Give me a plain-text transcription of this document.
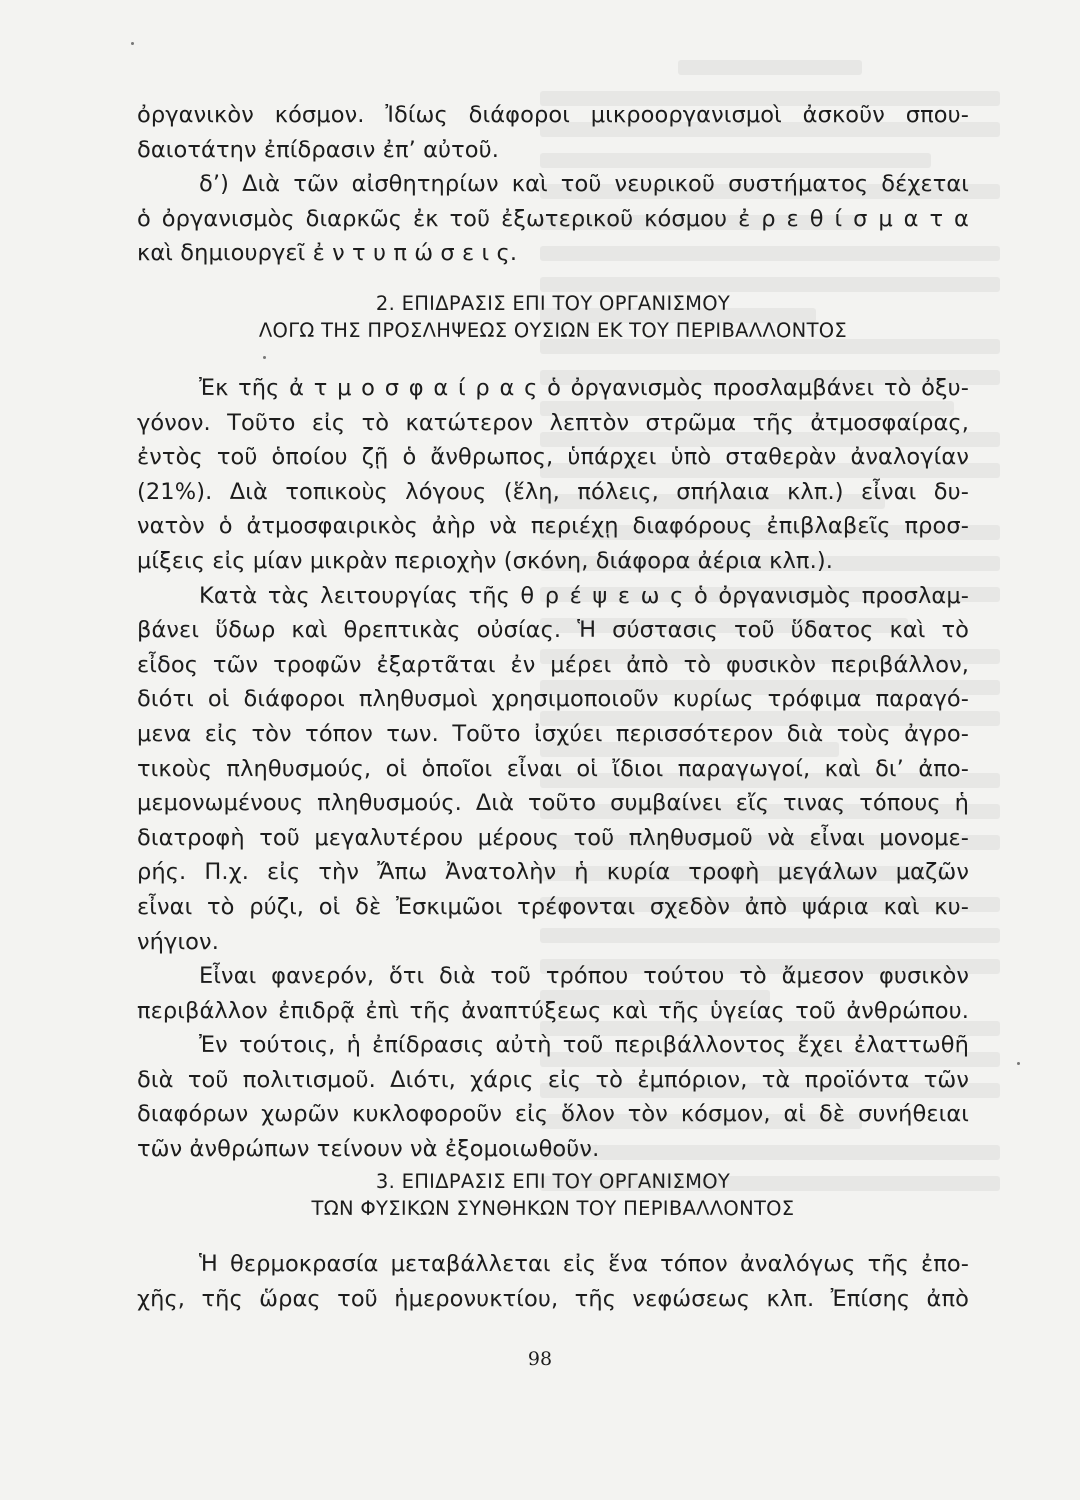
ὀργανικὸν κόσμον. Ἰδίως διάφοροι μικροοργανισμοὶ ἀσκοῦν σπου-
δαιοτάτην ἐπίδρασιν ἐπ’ αὐτοῦ.
δ’) Διὰ τῶν αἰσθητηρίων καὶ τοῦ νευρικοῦ συστήματος δέχεται
ὁ ὀργανισμὸς διαρκῶς ἐκ τοῦ ἐξωτερικοῦ κόσμου ἐ ρ ε θ ί σ μ α τ α
καὶ δημιουργεῖ ἐ ν τ υ π ώ σ ε ι ς.
2. ΕΠΙΔΡΑΣΙΣ ΕΠΙ ΤΟΥ ΟΡΓΑΝΙΣΜΟΥ
ΛΟΓΩ ΤΗΣ ΠΡΟΣΛΗΨΕΩΣ ΟΥΣΙΩΝ ΕΚ ΤΟΥ ΠΕΡΙΒΑΛΛΟΝΤΟΣ
Ἐκ τῆς ἀ τ μ ο σ φ α ί ρ α ς ὁ ὀργανισμὸς προσλαμβάνει τὸ ὀξυ-
γόνον. Τοῦτο εἰς τὸ κατώτερον λεπτὸν στρῶμα τῆς ἀτμοσφαίρας,
ἐντὸς τοῦ ὁποίου ζῇ ὁ ἄνθρωπος, ὑπάρχει ὑπὸ σταθερὰν ἀναλογίαν
(21%). Διὰ τοπικοὺς λόγους (ἕλη, πόλεις, σπήλαια κλπ.) εἶναι δυ-
νατὸν ὁ ἀτμοσφαιρικὸς ἀὴρ νὰ περιέχῃ διαφόρους ἐπιβλαβεῖς προσ-
μίξεις εἰς μίαν μικρὰν περιοχὴν (σκόνη, διάφορα ἀέρια κλπ.).
Κατὰ τὰς λειτουργίας τῆς θ ρ έ ψ ε ω ς ὁ ὀργανισμὸς προσλαμ-
βάνει ὕδωρ καὶ θρεπτικὰς οὐσίας. Ἡ σύστασις τοῦ ὕδατος καὶ τὸ
εἶδος τῶν τροφῶν ἐξαρτᾶται ἐν μέρει ἀπὸ τὸ φυσικὸν περιβάλλον,
διότι οἱ διάφοροι πληθυσμοὶ χρησιμοποιοῦν κυρίως τρόφιμα παραγό-
μενα εἰς τὸν τόπον των. Τοῦτο ἰσχύει περισσότερον διὰ τοὺς ἀγρο-
τικοὺς πληθυσμούς, οἱ ὁποῖοι εἶναι οἱ ἴδιοι παραγωγοί, καὶ δι’ ἀπο-
μεμονωμένους πληθυσμούς. Διὰ τοῦτο συμβαίνει εἴς τινας τόπους ἡ
διατροφὴ τοῦ μεγαλυτέρου μέρους τοῦ πληθυσμοῦ νὰ εἶναι μονομε-
ρής. Π.χ. εἰς τὴν Ἄπω Ἀνατολὴν ἡ κυρία τροφὴ μεγάλων μαζῶν
εἶναι τὸ ρύζι, οἱ δὲ Ἐσκιμῶοι τρέφονται σχεδὸν ἀπὸ ψάρια καὶ κυ-
νήγιον.
Εἶναι φανερόν, ὅτι διὰ τοῦ τρόπου τούτου τὸ ἄμεσον φυσικὸν
περιβάλλον ἐπιδρᾷ ἐπὶ τῆς ἀναπτύξεως καὶ τῆς ὑγείας τοῦ ἀνθρώπου.
Ἐν τούτοις, ἡ ἐπίδρασις αὐτὴ τοῦ περιβάλλοντος ἔχει ἐλαττωθῆ
διὰ τοῦ πολιτισμοῦ. Διότι, χάρις εἰς τὸ ἐμπόριον, τὰ προϊόντα τῶν
διαφόρων χωρῶν κυκλοφοροῦν εἰς ὅλον τὸν κόσμον, αἱ δὲ συνήθειαι
τῶν ἀνθρώπων τείνουν νὰ ἐξομοιωθοῦν.
3. ΕΠΙΔΡΑΣΙΣ ΕΠΙ ΤΟΥ ΟΡΓΑΝΙΣΜΟΥ
ΤΩΝ ΦΥΣΙΚΩΝ ΣΥΝΘΗΚΩΝ ΤΟΥ ΠΕΡΙΒΑΛΛΟΝΤΟΣ
Ἡ θερμοκρασία μεταβάλλεται εἰς ἕνα τόπον ἀναλόγως τῆς ἐπο-
χῆς, τῆς ὥρας τοῦ ἡμερονυκτίου, τῆς νεφώσεως κλπ. Ἐπίσης ἀπὸ
98
